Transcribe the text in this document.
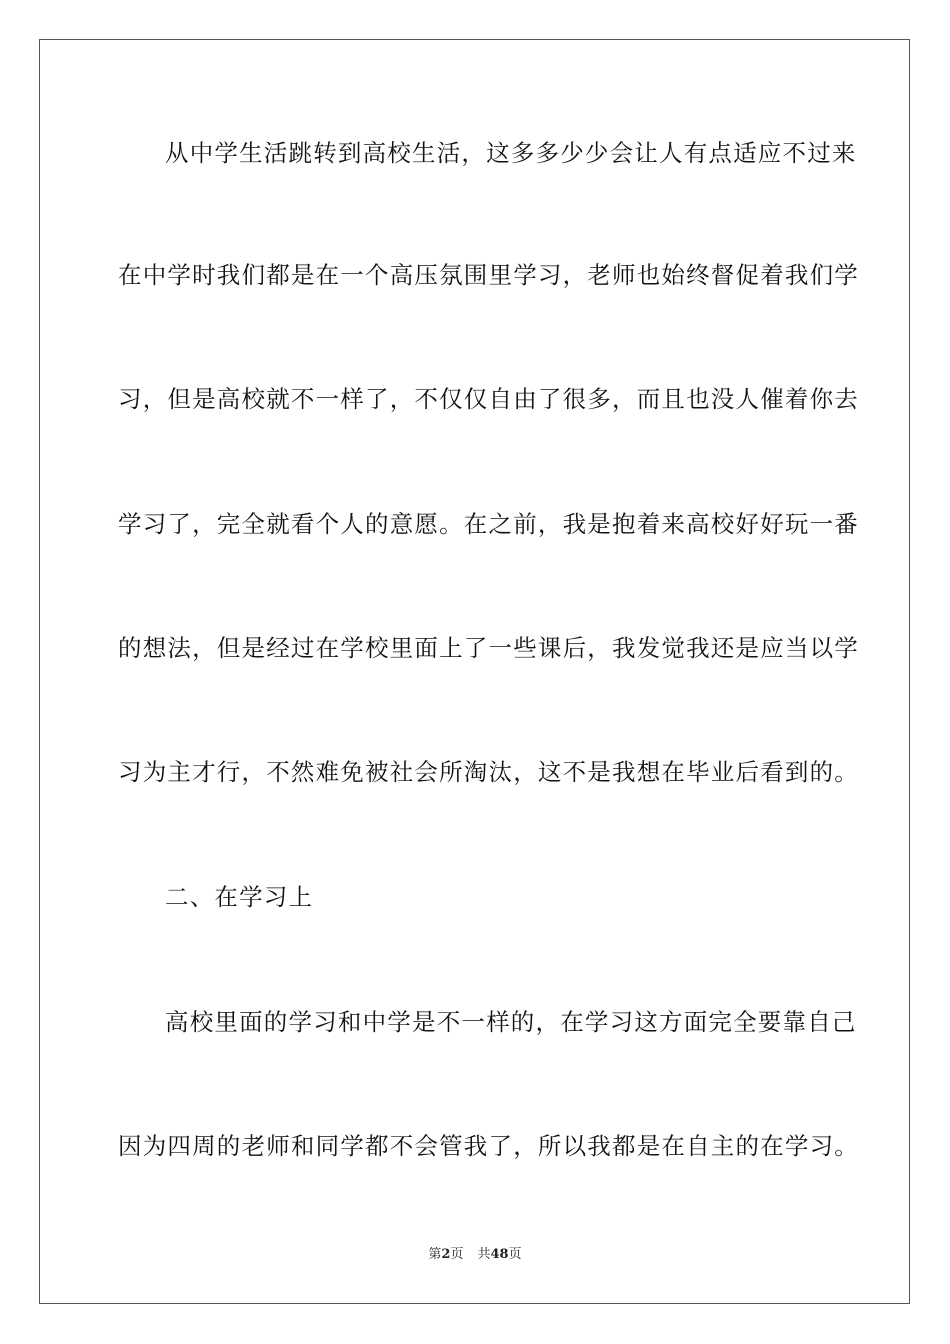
从中学生活跳转到高校生活，这多多少少会让人有点适应不过来
在中学时我们都是在一个高压氛围里学习，老师也始终督促着我们学
习，但是高校就不一样了，不仅仅自由了很多，而且也没人催着你去
学习了，完全就看个人的意愿。在之前，我是抱着来高校好好玩一番
的想法，但是经过在学校里面上了一些课后，我发觉我还是应当以学
习为主才行，不然难免被社会所淘汰，这不是我想在毕业后看到的。
二、在学习上
高校里面的学习和中学是不一样的，在学习这方面完全要靠自己
因为四周的老师和同学都不会管我了，所以我都是在自主的在学习。
第2页 共48页
